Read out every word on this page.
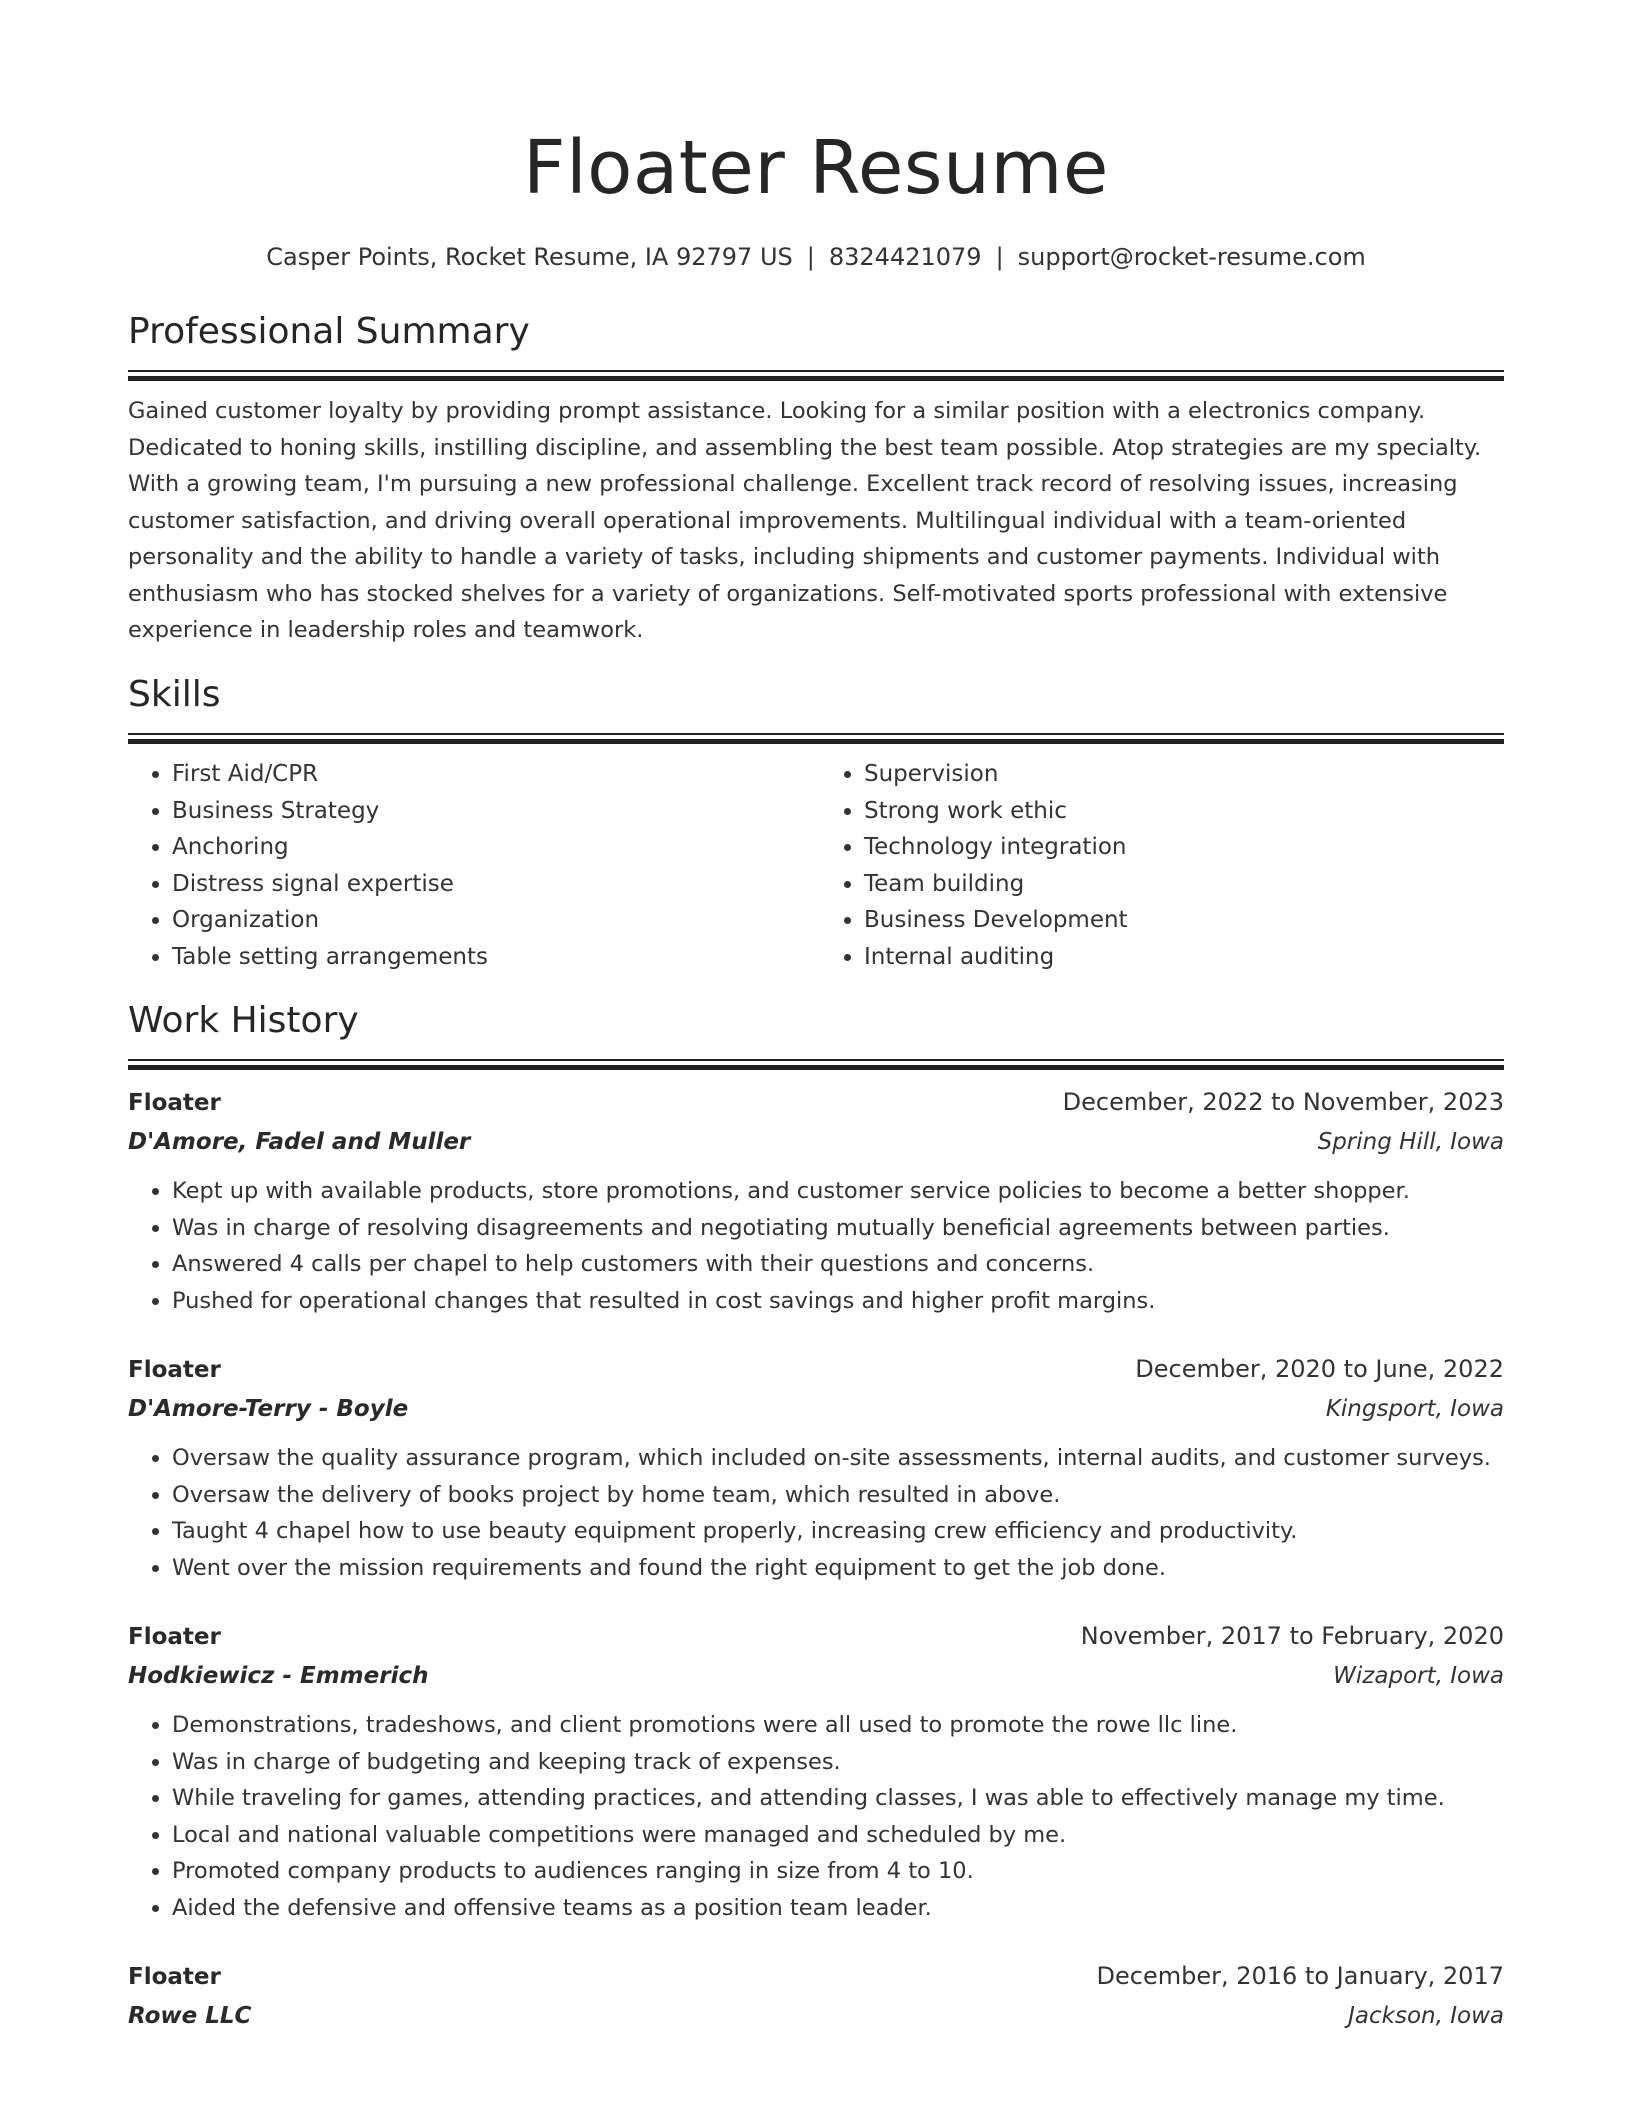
Floater Resume
Casper Points, Rocket Resume, IA 92797 US | 8324421079 | support@rocket-resume.com
Professional Summary

Gained customer loyalty by providing prompt assistance. Looking for a similar position with a electronics company. Dedicated to honing skills, instilling discipline, and assembling the best team possible. Atop strategies are my specialty. With a growing team, I'm pursuing a new professional challenge. Excellent track record of resolving issues, increasing customer satisfaction, and driving overall operational improvements. Multilingual individual with a team-oriented personality and the ability to handle a variety of tasks, including shipments and customer payments. Individual with enthusiasm who has stocked shelves for a variety of organizations. Self-motivated sports professional with extensive experience in leadership roles and teamwork.

Skills
• First Aid/CPR
• Business Strategy
• Anchoring
• Distress signal expertise
• Organization
• Table setting arrangements
• Supervision
• Strong work ethic
• Technology integration
• Team building
• Business Development
• Internal auditing
Work History
Floater	December, 2022 to November, 2023
D'Amore, Fadel and Muller	Spring Hill, Iowa
• Kept up with available products, store promotions, and customer service policies to become a better shopper.
• Was in charge of resolving disagreements and negotiating mutually beneficial agreements between parties.
• Answered 4 calls per chapel to help customers with their questions and concerns.
• Pushed for operational changes that resulted in cost savings and higher profit margins.
Floater	December, 2020 to June, 2022
D'Amore-Terry - Boyle	Kingsport, Iowa
• Oversaw the quality assurance program, which included on-site assessments, internal audits, and customer surveys.
• Oversaw the delivery of books project by home team, which resulted in above.
• Taught 4 chapel how to use beauty equipment properly, increasing crew efficiency and productivity.
• Went over the mission requirements and found the right equipment to get the job done.
Floater	November, 2017 to February, 2020
Hodkiewicz - Emmerich	Wizaport, Iowa
• Demonstrations, tradeshows, and client promotions were all used to promote the rowe llc line.
• Was in charge of budgeting and keeping track of expenses.
• While traveling for games, attending practices, and attending classes, I was able to effectively manage my time.
• Local and national valuable competitions were managed and scheduled by me.
• Promoted company products to audiences ranging in size from 4 to 10.
• Aided the defensive and offensive teams as a position team leader.
Floater	December, 2016 to January, 2017
Rowe LLC	Jackson, Iowa
